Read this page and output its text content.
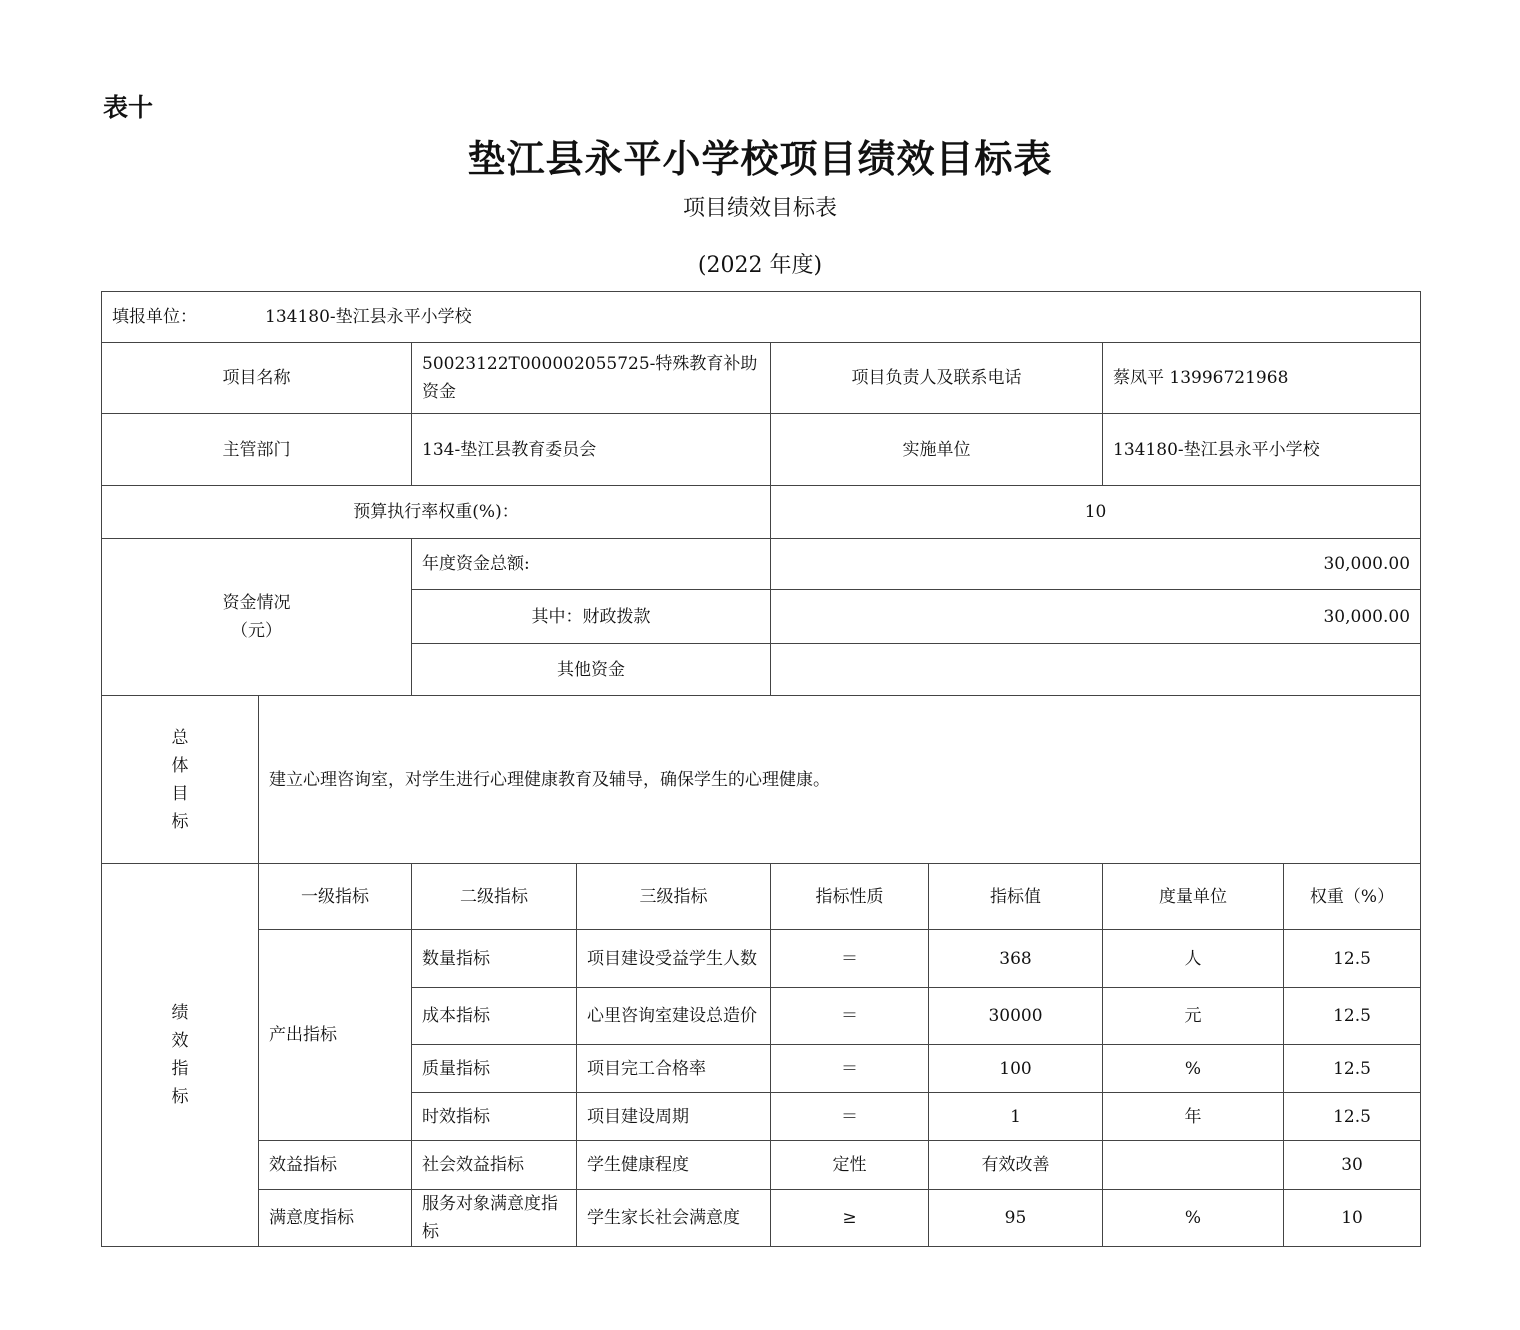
表十
垫江县永平小学校项目绩效目标表
项目绩效目标表
(2022 年度)
填报单位： 134180-垫江县永平小学校							
项目名称		50023122T000002055725-特殊教育补助资金		项目负责人及联系电话		蔡凤平 13996721968	
主管部门		134-垫江县教育委员会		实施单位		134180-垫江县永平小学校	
预算执行率权重(%)：				10			

资金情况
（元）		年度资金总额:		30,000.00			
		其中：财政拨款		30,000.00			
		其他资金					

总
体
目
标	建立心理咨询室，对学生进行心理健康教育及辅导，确保学生的心理健康。						

绩
效
指
标	一级指标	二级指标	三级指标	指标性质	指标值	度量单位	权重（%）
	产出指标	数量指标	项目建设受益学生人数	＝	368	人	12.5
		成本指标	心里咨询室建设总造价	＝	30000	元	12.5
		质量指标	项目完工合格率	＝	100	%	12.5
		时效指标	项目建设周期	＝	1	年	12.5
	效益指标	社会效益指标	学生健康程度	定性	有效改善		30
	满意度指标	服务对象满意度指标	学生家长社会满意度	≥	95	%	10
